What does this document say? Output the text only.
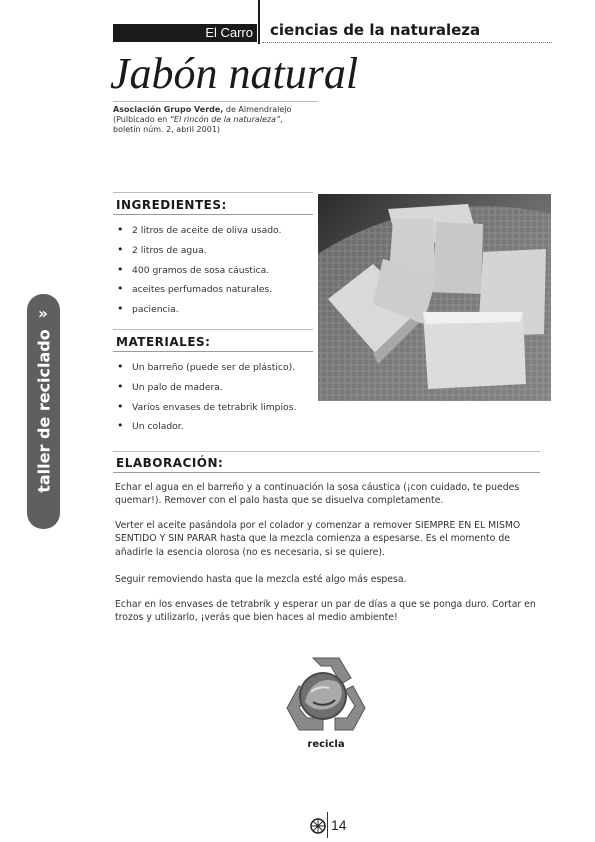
El Carro ciencias de la naturaleza
Jabón natural
Asociación Grupo Verde, de Almendralejo
(Pulbicado en “El rincón de la naturaleza”,
boletín núm. 2, abril 2001)
INGREDIENTES:
• 2 litros de aceite de oliva usado.
• 2 litros de agua.
• 400 gramos de sosa cáustica.
• aceites perfumados naturales.
• paciencia.
MATERIALES:
• Un barreño (puede ser de plástico).
• Un palo de madera.
• Varios envases de tetrabrik limpios.
• Un colador.
ELABORACIÓN:
Echar el agua en el barreño y a continuación la sosa cáustica (¡con cuidado, te puedes quemar!). Remover con el palo hasta que se disuelva completamente.
Verter el aceite pasándola por el colador y comenzar a remover SIEMPRE EN EL MISMO SENTIDO Y SIN PARAR hasta que la mezcla comienza a espesarse. Es el momento de añadirle la esencia olorosa (no es necesaria, si se quiere).
Seguir removiendo hasta que la mezcla esté algo más espesa.
Echar en los envases de tetrabrik y esperar un par de días a que se ponga duro. Cortar en trozos y utilizarlo, ¡verás que bien haces al medio ambiente!
»
taller de reciclado
recicla
14
